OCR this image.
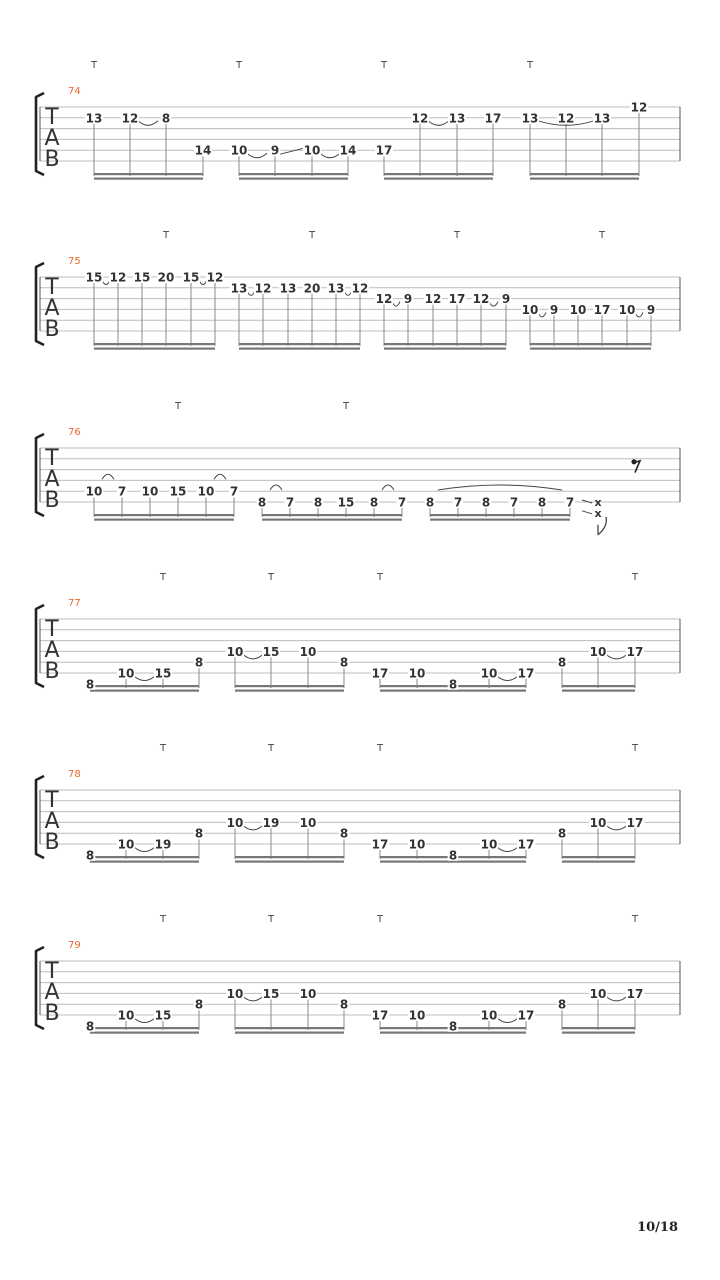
T
A
B
74
13 12 8
14
T
10 9 10 14
T
17
12 13 17
T
13 12 13
12
T
T
A
B
75
15 12 15 20 15 12
T
13 12 13 20 13 12
T
12 9 12 17 12 9
T
10 9 10 17 10 9
T
T
A
B
76
10 7 10 15 10 7
T
8 7 8 15 8 7
T
8 7 8 7 8 7 x
x
T
A
B
77
8
10 15
8
T
10 15 10
8
T
17 10
8
10 17
T
8
10 17
T
T
A
B
78
8
10 19
8
T
10 19 10
8
T
17 10
8
10 17
T
8
10 17
T
T
A
B
79
8
10 15
8
T
10 15 10
8
T
17 10
8
10 17
T
8
10 17
T
10/18
